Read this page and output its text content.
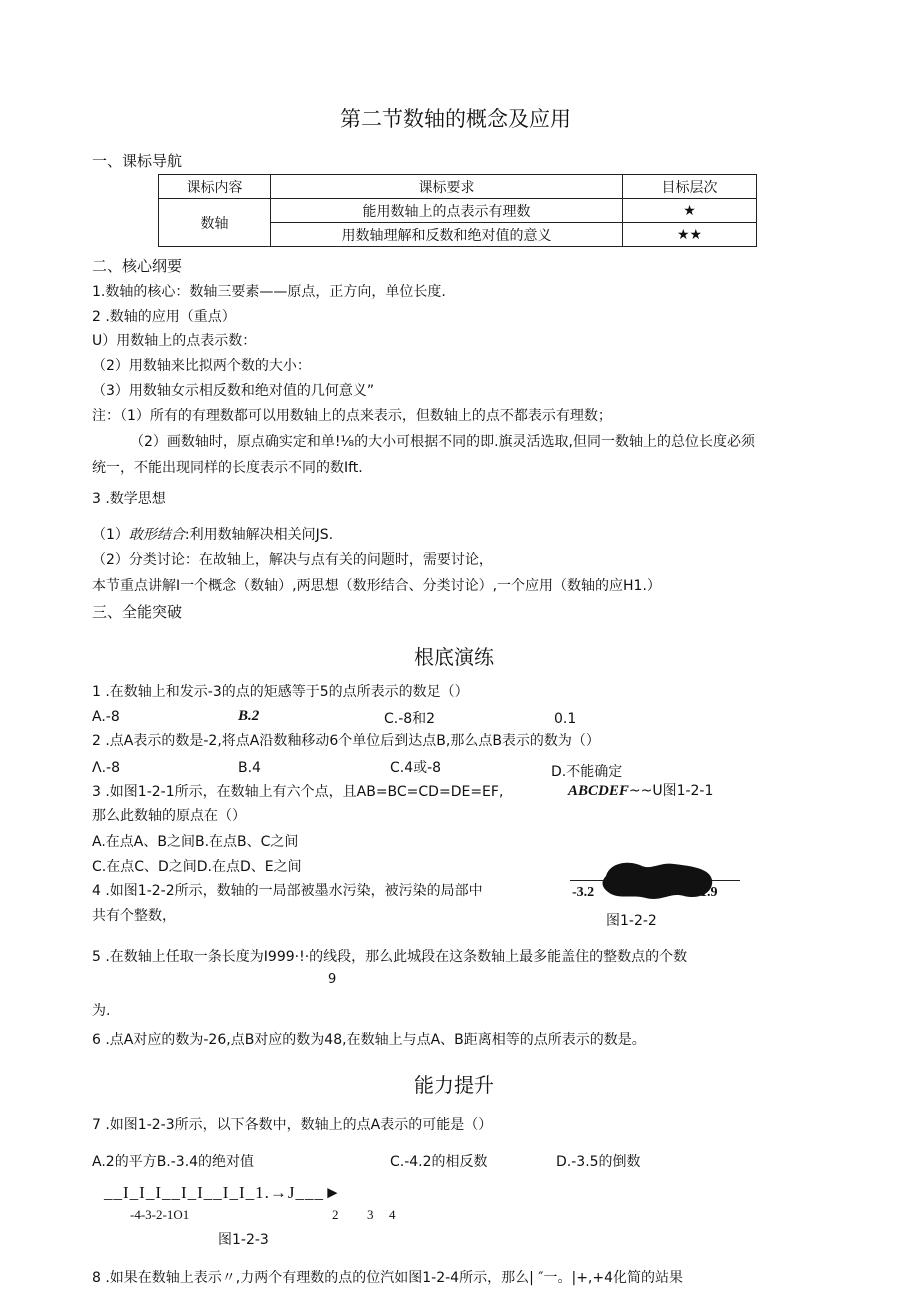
第二节数轴的概念及应用
一、课标导航
课标内容	课标要求	目标层次
数轴	能用数轴上的点表示有理数	★
	用数轴理解和反数和绝对值的意义	★★
二、核心纲要
1.数轴的核心：数轴三要素——原点，正方向，单位长度.
2 .数轴的应用（重点）
U）用数轴上的点表示数：
（2）用数轴来比拟两个数的大小：
（3）用数轴女示相反数和绝对值的几何意义”
注：（1）所有的有理数都可以用数轴上的点来表示，但数轴上的点不都表示有理数；
（2）画数轴时，原点确实定和单!⅛的大小可根据不同的即.旗灵活选取,但同一数轴上的总位长度必须
统一，不能出现同样的长度表示不同的数Ift.
3 .数学思想
（1）敢形结合:利用数轴解决相关问JS.
（2）分类讨论：在故轴上，解决与点有关的问题时，需要讨论，
本节重点讲解I一个概念（数轴）,两思想（数形结合、分类讨论）,一个应用（数轴的应H1.）
三、全能突破
根底演练
1 .在数轴上和发示-3的点的矩感等于5的点所表示的数足（）
A.-8	B.2	C.-8和2	0.1
2 .点A表示的数是-2,将点A沿数釉移动6个单位后到达点B,那么点B表示的数为（）
Λ.-8	B.4	C.4或-8	D.不能确定
3 .如图1-2-1所示，在数轴上有六个点，且AB=BC=CD=DE=EF,	ABCDEF~~U图1-2-1
那么此数轴的原点在（）
A.在点A、B之间B.在点B、C之间
C.在点C、D之间D.在点D、E之间
4 .如图1-2-2所示，数轴的一局部被墨水污染，被污染的局部中
共有个整数，
-3.2	1.9
图1-2-2
5 .在数轴上任取一条长度为I999·!·的线段，那么此城段在这条数轴上最多能盖住的整数点的个数
9
为.
6 .点A对应的数为-26,点B对应的数为48,在数轴上与点A、B距离相等的点所表示的数是。
能力提升
7 .如图1-2-3所示，以下各数中，数轴上的点A表示的可能是（）
A.2的平方B.-3.4的绝对值	C.-4.2的相反数	D.-3.5的倒数
__I_I_I__I_I__I_I_1.→J___►
-4-3-2-1O1	2 3 4
图1-2-3
8 .如果在数轴上表示〃,力两个有理数的点的位汽如图1-2-4所示，那么| ″一。|+,+4化简的站果
